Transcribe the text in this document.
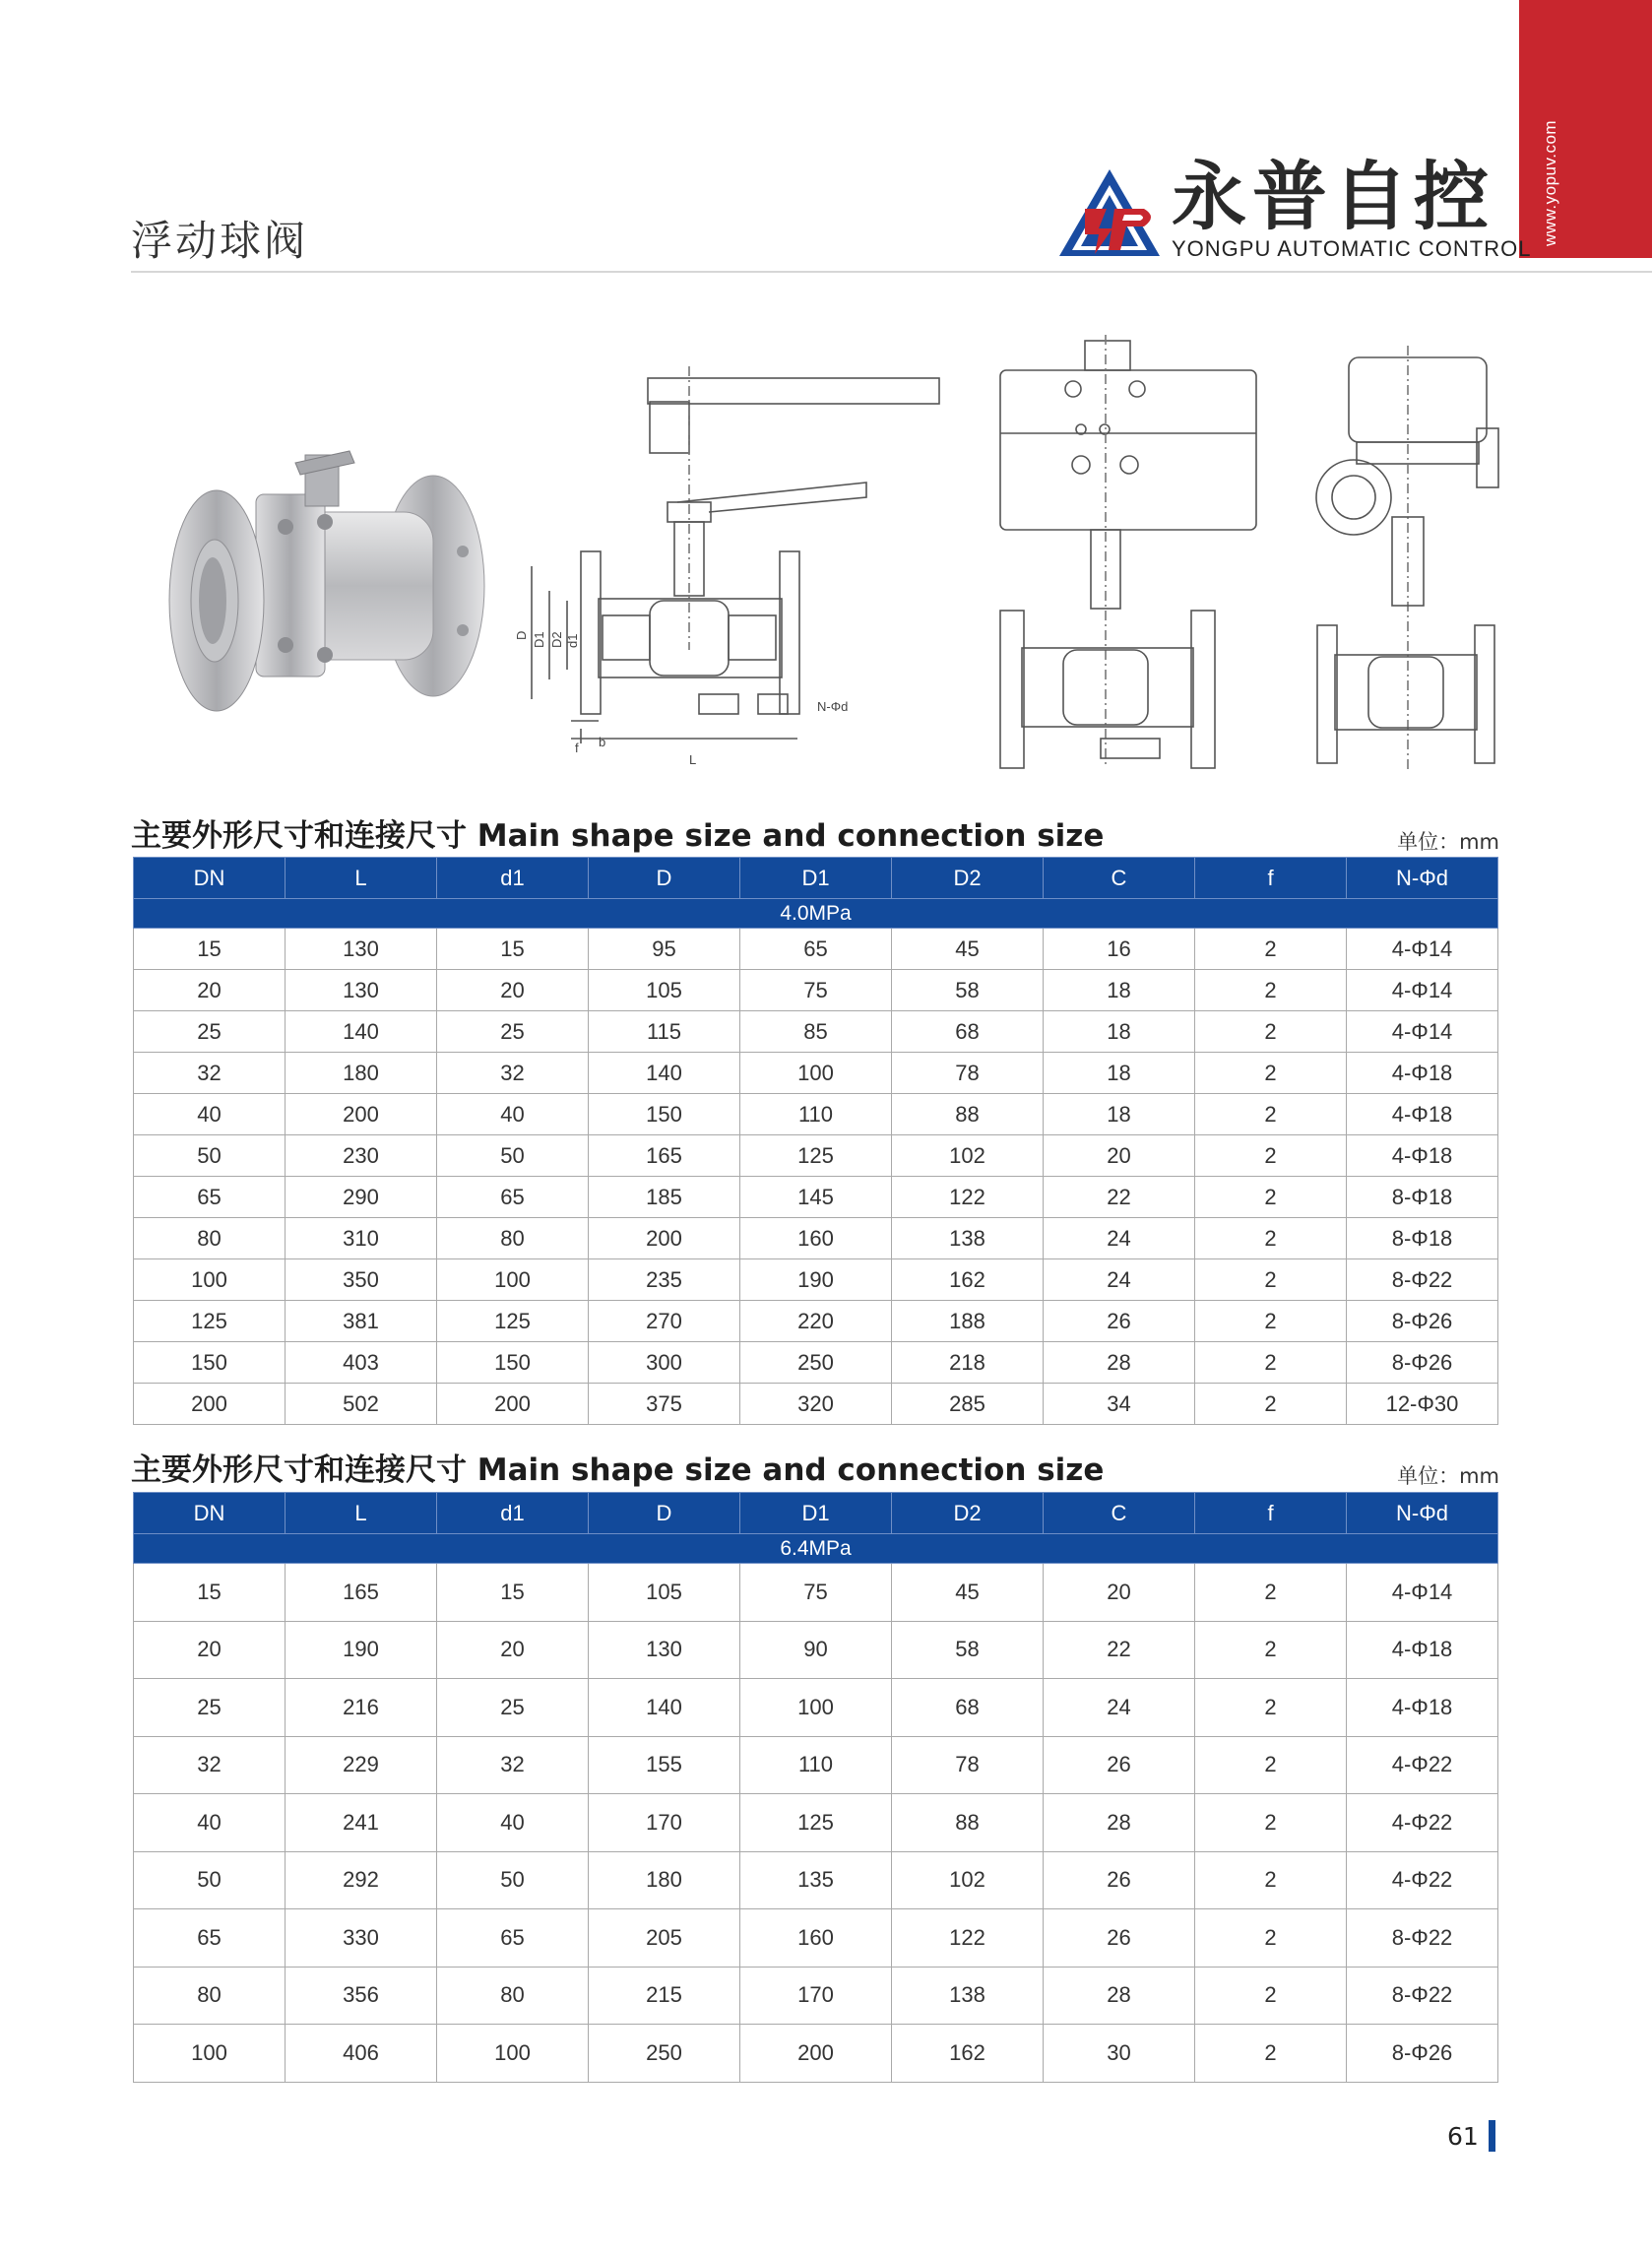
www.yopuv.com
浮动球阀
永普自控
YONGPU AUTOMATIC CONTROL
D D1 D2 d1
f b
L
N-Φd
主要外形尺寸和连接尺寸 Main shape size and connection size	单位：mm
DN	L	d1	D	D1	D2	C	f	N-Φd
4.0MPa								
15	130	15	95	65	45	16	2	4-Φ14
20	130	20	105	75	58	18	2	4-Φ14
25	140	25	115	85	68	18	2	4-Φ14
32	180	32	140	100	78	18	2	4-Φ18
40	200	40	150	110	88	18	2	4-Φ18
50	230	50	165	125	102	20	2	4-Φ18
65	290	65	185	145	122	22	2	8-Φ18
80	310	80	200	160	138	24	2	8-Φ18
100	350	100	235	190	162	24	2	8-Φ22
125	381	125	270	220	188	26	2	8-Φ26
150	403	150	300	250	218	28	2	8-Φ26
200	502	200	375	320	285	34	2	12-Φ30
主要外形尺寸和连接尺寸 Main shape size and connection size	单位：mm
DN	L	d1	D	D1	D2	C	f	N-Φd
6.4MPa								
15	165	15	105	75	45	20	2	4-Φ14
20	190	20	130	90	58	22	2	4-Φ18
25	216	25	140	100	68	24	2	4-Φ18
32	229	32	155	110	78	26	2	4-Φ22
40	241	40	170	125	88	28	2	4-Φ22
50	292	50	180	135	102	26	2	4-Φ22
65	330	65	205	160	122	26	2	8-Φ22
80	356	80	215	170	138	28	2	8-Φ22
100	406	100	250	200	162	30	2	8-Φ26
61
